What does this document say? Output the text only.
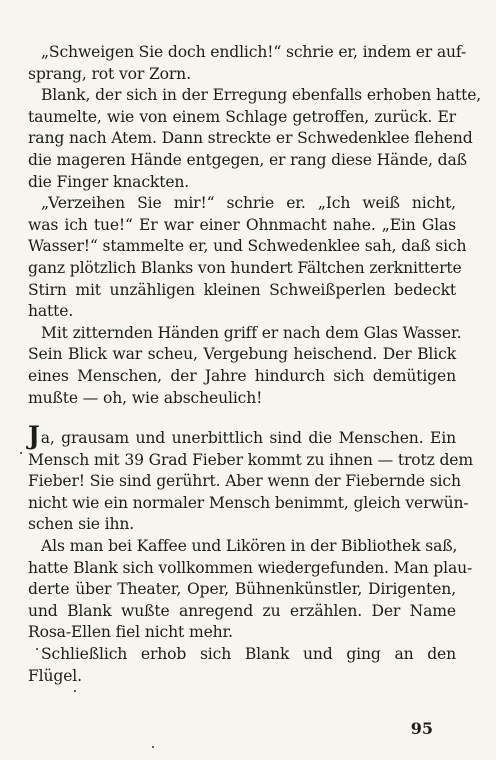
„Schweigen Sie doch endlich!“ schrie er, indem er auf-
sprang, rot vor Zorn.
Blank, der sich in der Erregung ebenfalls erhoben hatte,
taumelte, wie von einem Schlage getroffen, zurück. Er
rang nach Atem. Dann streckte er Schwedenklee flehend
die mageren Hände entgegen, er rang diese Hände, daß
die Finger knackten.
„Verzeihen Sie mir!“ schrie er. „Ich weiß nicht,
was ich tue!“ Er war einer Ohnmacht nahe. „Ein Glas
Wasser!“ stammelte er, und Schwedenklee sah, daß sich
ganz plötzlich Blanks von hundert Fältchen zerknitterte
Stirn mit unzähligen kleinen Schweißperlen bedeckt
hatte.
Mit zitternden Händen griff er nach dem Glas Wasser.
Sein Blick war scheu, Vergebung heischend. Der Blick
eines Menschen, der Jahre hindurch sich demütigen
mußte — oh, wie abscheulich!
Ja, grausam und unerbittlich sind die Menschen. Ein
Mensch mit 39 Grad Fieber kommt zu ihnen — trotz dem
Fieber! Sie sind gerührt. Aber wenn der Fiebernde sich
nicht wie ein normaler Mensch benimmt, gleich verwün-
schen sie ihn.
Als man bei Kaffee und Likören in der Bibliothek saß,
hatte Blank sich vollkommen wiedergefunden. Man plau-
derte über Theater, Oper, Bühnenkünstler, Dirigenten,
und Blank wußte anregend zu erzählen. Der Name
Rosa-Ellen fiel nicht mehr.
Schließlich erhob sich Blank und ging an den
Flügel.
95
